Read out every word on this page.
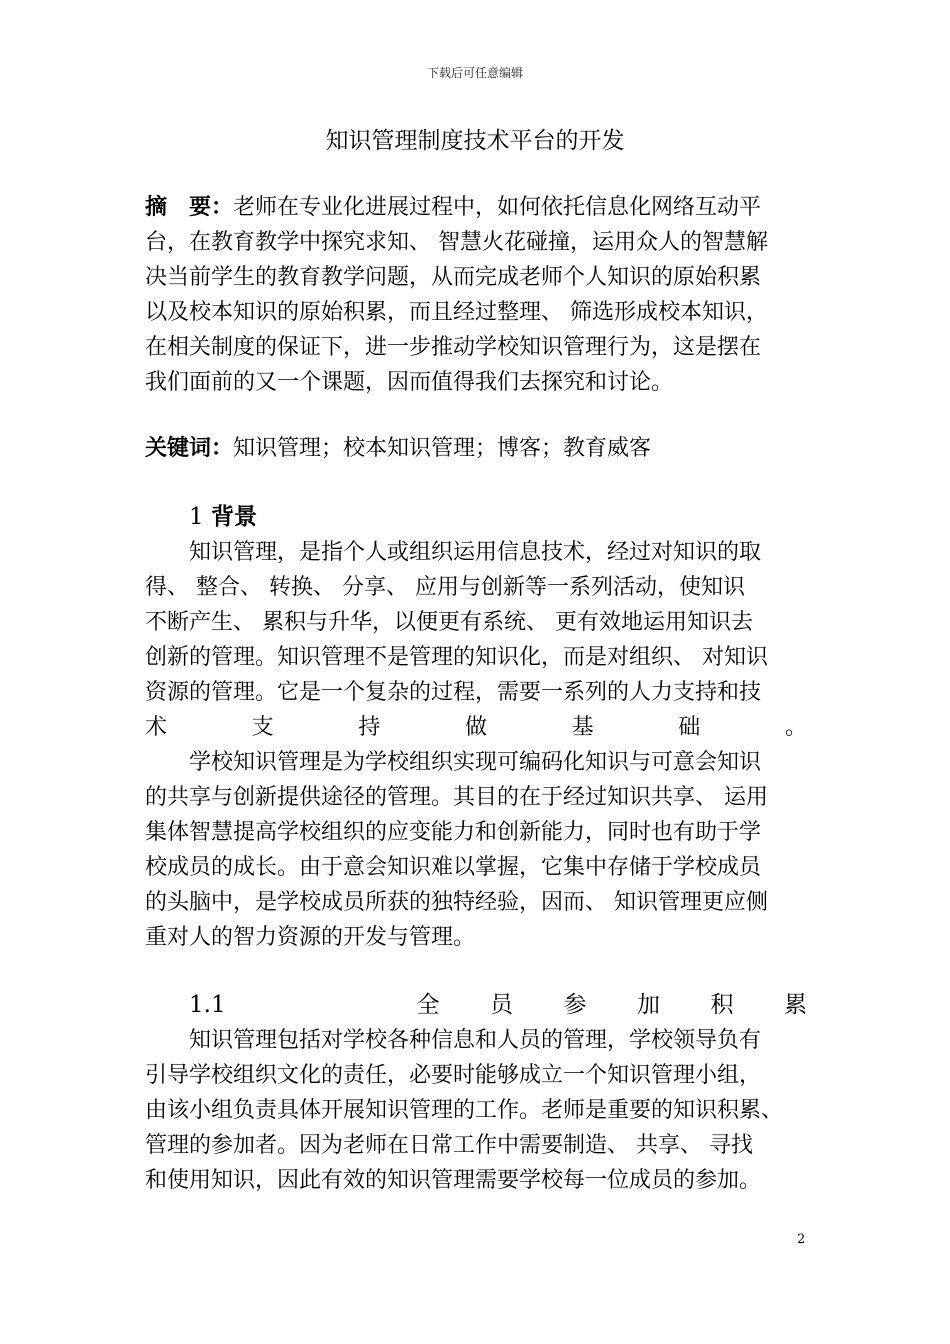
下载后可任意编辑
知识管理制度技术平台的开发
摘　要：老师在专业化进展过程中，如何依托信息化网络互动平
台，在教育教学中探究求知、 智慧火花碰撞，运用众人的智慧解
决当前学生的教育教学问题，从而完成老师个人知识的原始积累
以及校本知识的原始积累，而且经过整理、 筛选形成校本知识，
在相关制度的保证下，进一步推动学校知识管理行为，这是摆在
我们面前的又一个课题，因而值得我们去探究和讨论。
关键词：知识管理；校本知识管理；博客；教育威客
1 背景
知识管理，是指个人或组织运用信息技术，经过对知识的取
得、 整合、 转换、 分享、 应用与创新等一系列活动，使知识
不断产生、 累积与升华，以便更有系统、 更有效地运用知识去
创新的管理。知识管理不是管理的知识化，而是对组织、 对知识
资源的管理。它是一个复杂的过程，需要一系列的人力支持和技
术	支	持	做	基	础	。
学校知识管理是为学校组织实现可编码化知识与可意会知识
的共享与创新提供途径的管理。其目的在于经过知识共享、 运用
集体智慧提高学校组织的应变能力和创新能力，同时也有助于学
校成员的成长。由于意会知识难以掌握，它集中存储于学校成员
的头脑中，是学校成员所获的独特经验，因而、 知识管理更应侧
重对人的智力资源的开发与管理。
1.1	全 员 参 加 积 累
知识管理包括对学校各种信息和人员的管理，学校领导负有
引导学校组织文化的责任，必要时能够成立一个知识管理小组，
由该小组负责具体开展知识管理的工作。老师是重要的知识积累、
管理的参加者。因为老师在日常工作中需要制造、 共享、 寻找
和使用知识，因此有效的知识管理需要学校每一位成员的参加。
2
